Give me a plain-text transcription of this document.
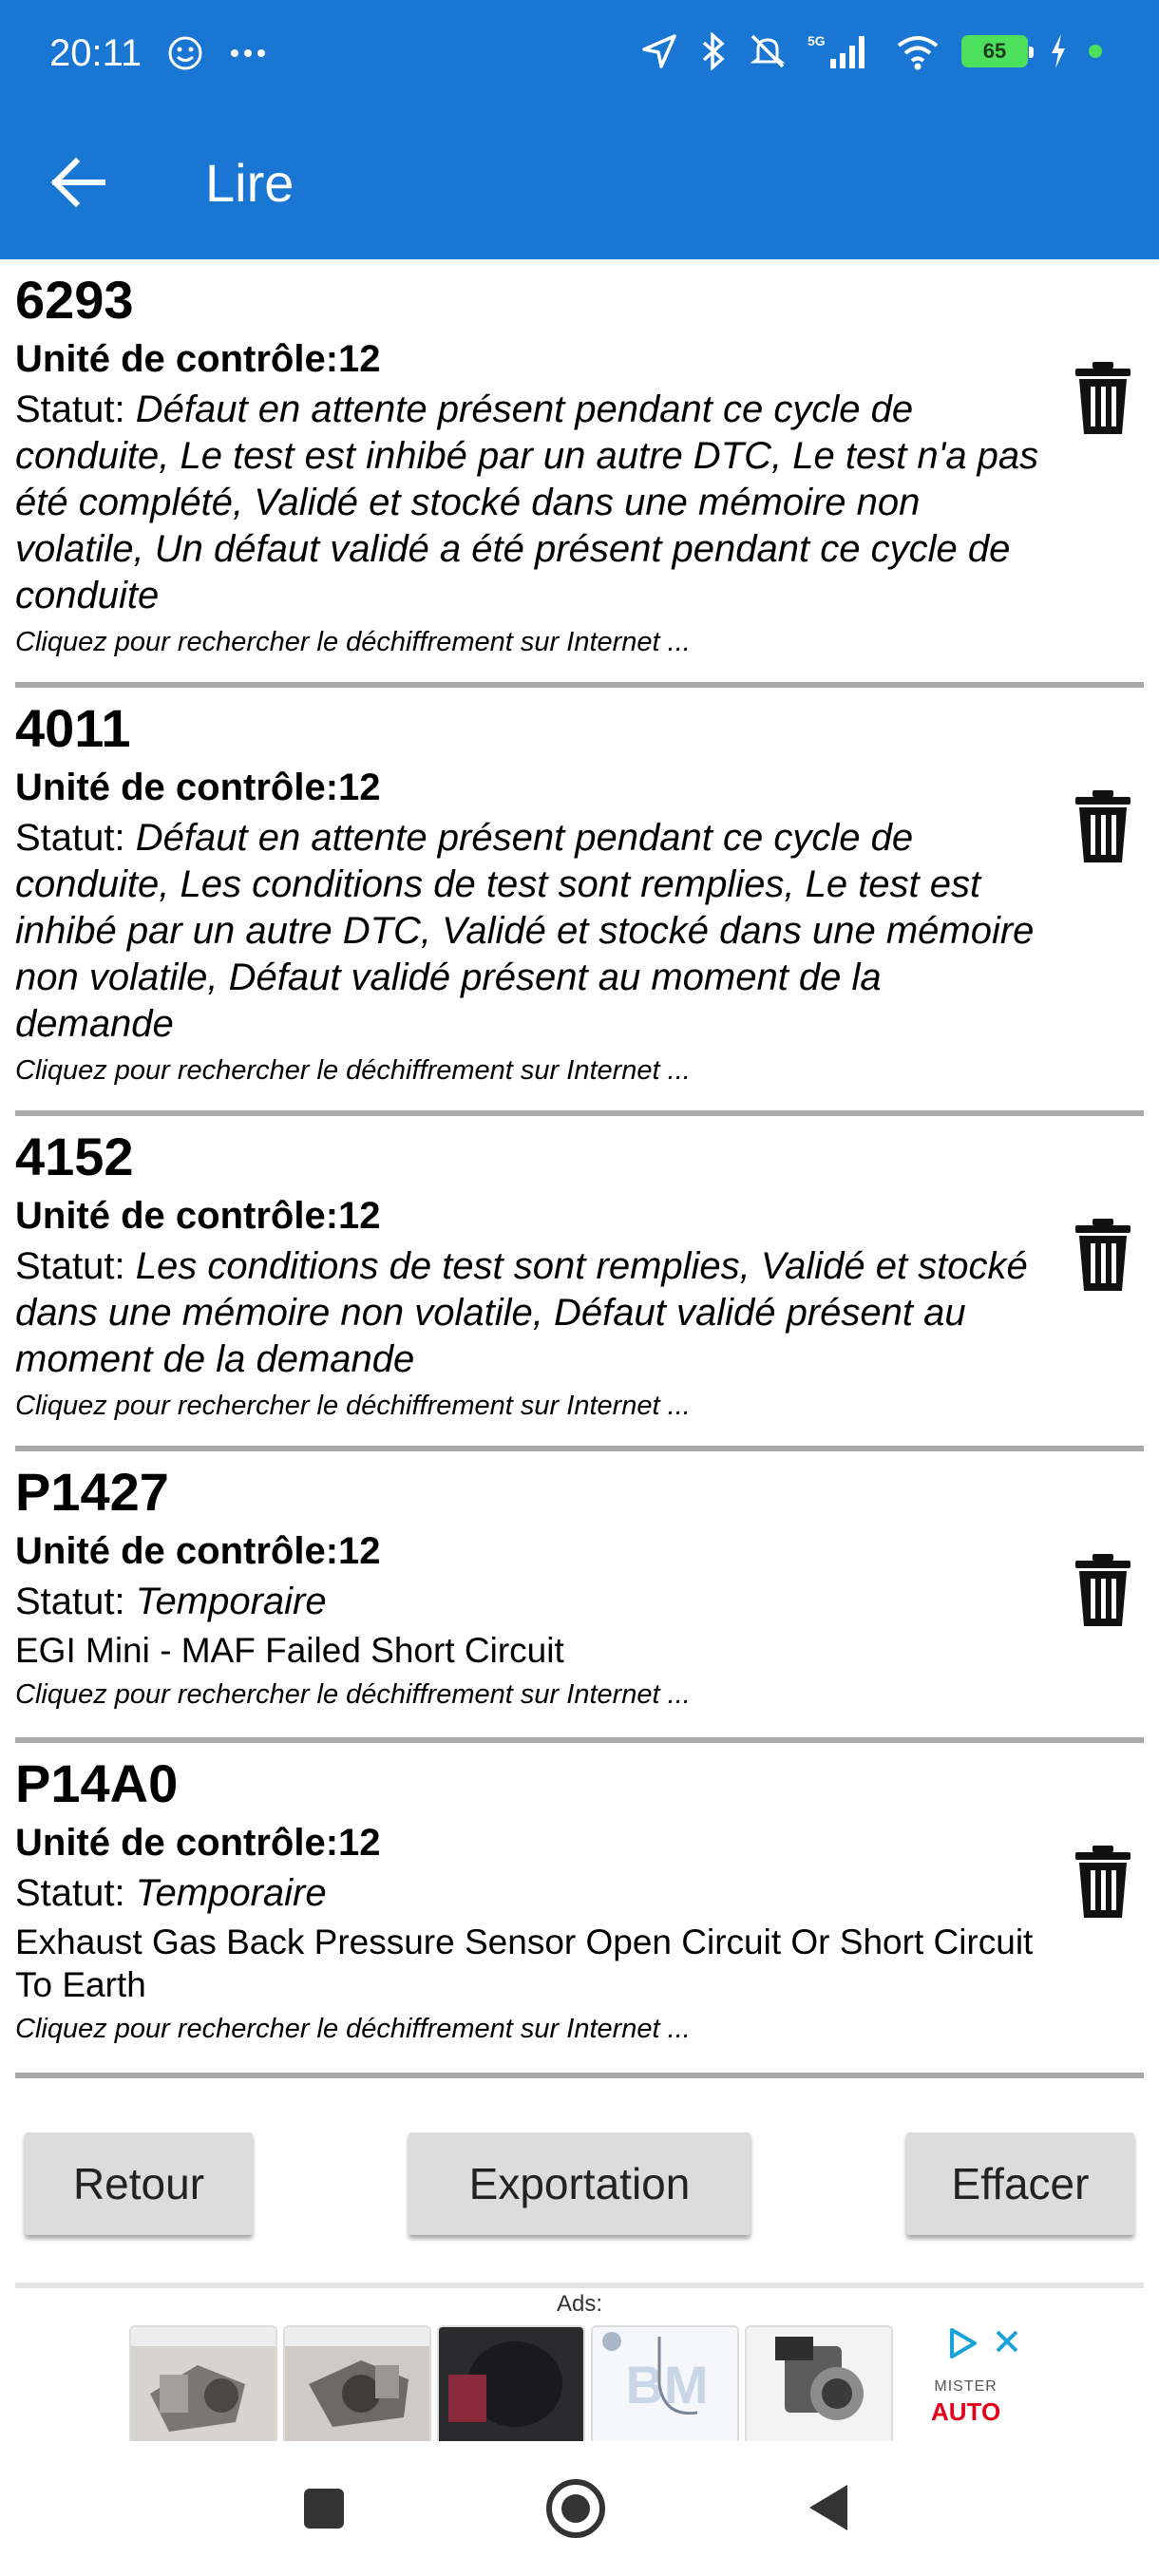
20:11	5G	65
Lire
6293
Unité de contrôle:12
Statut: Défaut en attente présent pendant ce cycle de conduite, Le test est inhibé par un autre DTC, Le test n'a pas été complété, Validé et stocké dans une mémoire non volatile, Un défaut validé a été présent pendant ce cycle de conduite
Cliquez pour rechercher le déchiffrement sur Internet ...
4011
Unité de contrôle:12
Statut: Défaut en attente présent pendant ce cycle de conduite, Les conditions de test sont remplies, Le test est inhibé par un autre DTC, Validé et stocké dans une mémoire non volatile, Défaut validé présent au moment de la demande
Cliquez pour rechercher le déchiffrement sur Internet ...
4152
Unité de contrôle:12
Statut: Les conditions de test sont remplies, Validé et stocké dans une mémoire non volatile, Défaut validé présent au moment de la demande
Cliquez pour rechercher le déchiffrement sur Internet ...
P1427
Unité de contrôle:12
Statut: Temporaire
EGI Mini - MAF Failed Short Circuit
Cliquez pour rechercher le déchiffrement sur Internet ...
P14A0
Unité de contrôle:12
Statut: Temporaire
Exhaust Gas Back Pressure Sensor Open Circuit Or Short Circuit To Earth
Cliquez pour rechercher le déchiffrement sur Internet ...
Retour	Exportation	Effacer
Ads:
BM	MISTER
AUTO
